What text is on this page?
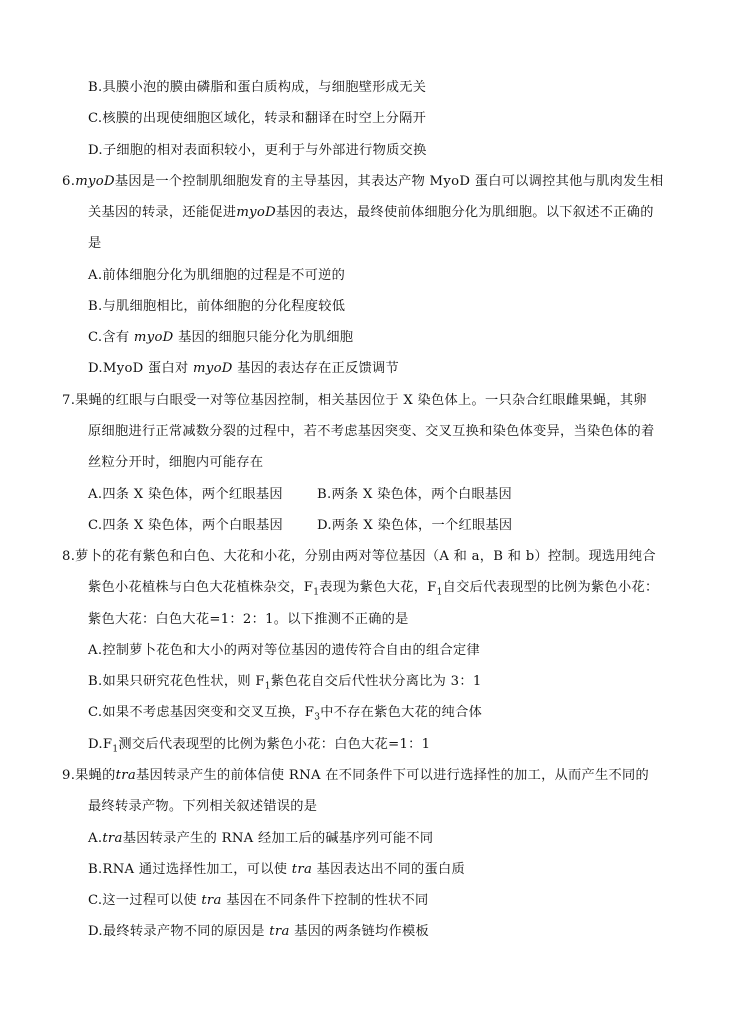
B.具膜小泡的膜由磷脂和蛋白质构成，与细胞壁形成无关
C.核膜的出现使细胞区域化，转录和翻译在时空上分隔开
D.子细胞的相对表面积较小，更利于与外部进行物质交换
6.myoD基因是一个控制肌细胞发育的主导基因，其表达产物 MyoD 蛋白可以调控其他与肌肉发生相
关基因的转录，还能促进myoD基因的表达，最终使前体细胞分化为肌细胞。以下叙述不正确的
是
A.前体细胞分化为肌细胞的过程是不可逆的
B.与肌细胞相比，前体细胞的分化程度较低
C.含有 myoD 基因的细胞只能分化为肌细胞
D.MyoD 蛋白对 myoD 基因的表达存在正反馈调节
7.果蝇的红眼与白眼受一对等位基因控制，相关基因位于 X 染色体上。一只杂合红眼雌果蝇，其卵
原细胞进行正常减数分裂的过程中，若不考虑基因突变、交叉互换和染色体变异，当染色体的着
丝粒分开时，细胞内可能存在
A.四条 X 染色体，两个红眼基因	B.两条 X 染色体，两个白眼基因
C.四条 X 染色体，两个白眼基因	D.两条 X 染色体，一个红眼基因
8.萝卜的花有紫色和白色、大花和小花，分别由两对等位基因（A 和 a，B 和 b）控制。现选用纯合
紫色小花植株与白色大花植株杂交，$F_1$表现为紫色大花，$F_1$自交后代表现型的比例为紫色小花：
紫色大花：白色大花=1：2：1。以下推测不正确的是
A.控制萝卜花色和大小的两对等位基因的遗传符合自由的组合定律
B.如果只研究花色性状，则 $F_1$紫色花自交后代性状分离比为 3：1
C.如果不考虑基因突变和交叉互换，$F_3$中不存在紫色大花的纯合体
$D.F_1$测交后代表现型的比例为紫色小花：白色大花=1：1
9.果蝇的tra基因转录产生的前体信使 RNA 在不同条件下可以进行选择性的加工，从而产生不同的
最终转录产物。下列相关叙述错误的是
A.tra基因转录产生的 RNA 经加工后的碱基序列可能不同
B.RNA 通过选择性加工，可以使 tra 基因表达出不同的蛋白质
C.这一过程可以使 tra 基因在不同条件下控制的性状不同
D.最终转录产物不同的原因是 tra 基因的两条链均作模板
